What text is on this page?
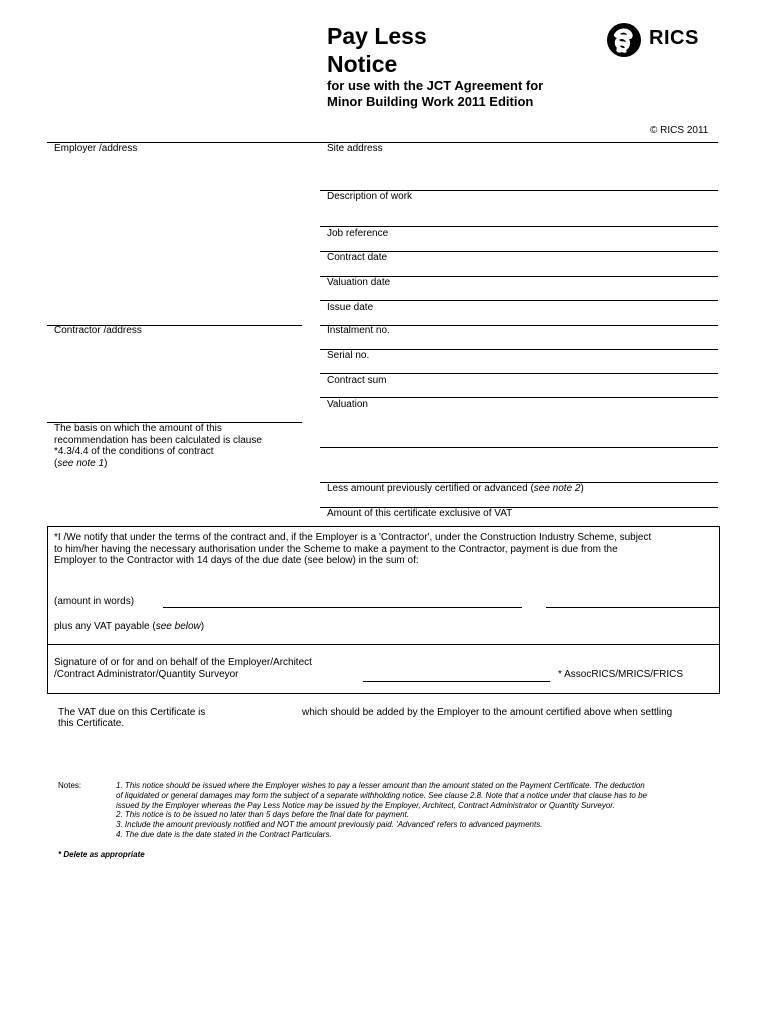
Pay Less
Notice
for use with the JCT Agreement for
Minor Building Work 2011 Edition
RICS
© RICS 2011
Employer /address
Contractor /address
The basis on which the amount of this
recommendation has been calculated is clause
*4.3/4.4 of the conditions of contract
(see note 1)
Site address
Description of work
Job reference
Contract date
Valuation date
Issue date
Instalment no.
Serial no.
Contract sum
Valuation
Less amount previously certified or advanced (see note 2)
Amount of this certificate exclusive of VAT
*I /We notify that under the terms of the contract and, if the Employer is a 'Contractor', under the Construction Industry Scheme, subject
to him/her having the necessary authorisation under the Scheme to make a payment to the Contractor, payment is due from the
Employer to the Contractor with 14 days of the due date (see below) in the sum of:
(amount in words)
plus any VAT payable (see below)
Signature of or for and on behalf of the Employer/Architect
/Contract Administrator/Quantity Surveyor	* AssocRICS/MRICS/FRICS
The VAT due on this Certificate is	which should be added by the Employer to the amount certified above when settling
this Certificate.
Notes:	1. This notice should be issued where the Employer wishes to pay a lesser amount than the amount stated on the Payment Certificate. The deduction
of liquidated or general damages may form the subject of a separate withholding notice. See clause 2.8. Note that a notice under that clause has to be
issued by the Employer whereas the Pay Less Notice may be issued by the Employer, Architect, Contract Administrator or Quantity Surveyor.
2. This notice is to be issued no later than 5 days before the final date for payment.
3. Include the amount previously notified and NOT the amount previously paid. 'Advanced' refers to advanced payments.
4. The due date is the date stated in the Contract Particulars.
* Delete as appropriate
